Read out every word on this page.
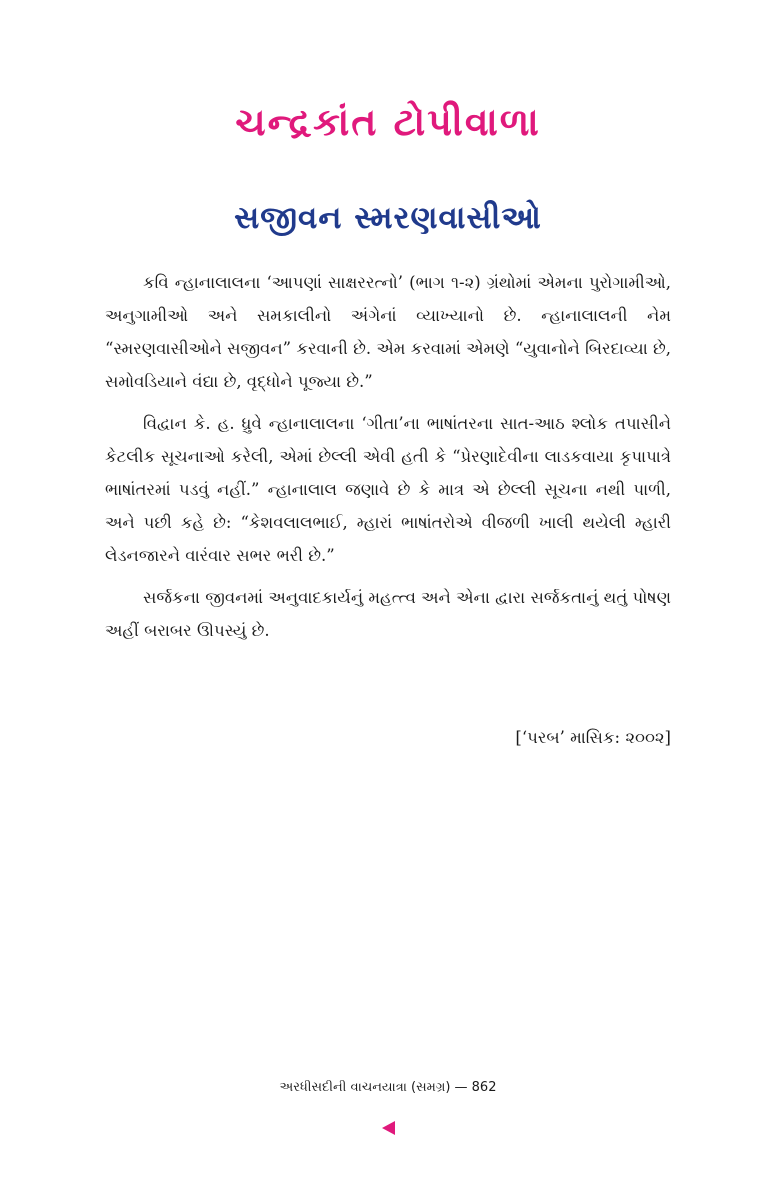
ચન્દ્રકાંત ટોપીવાળા
સજીવન સ્મરણવાસીઓ

કવિ ન્હાનાલાલના ‘આપણાં સાક્ષરરત્નો’ (ભાગ ૧-૨) ગ્રંથોમાં એમના પુરોગામીઓ, અનુગામીઓ અને સમકાલીનો અંગેનાં વ્યાખ્યાનો છે. ન્હાનાલાલની નેમ “સ્મરણવાસીઓને સજીવન” કરવાની છે. એમ કરવામાં એમણે “યુવાનોને બિરદાવ્યા છે, સમોવડિયાને વંદ્યા છે, વૃદ્ધોને પૂજ્યા છે.”

વિદ્વાન કે. હ. ધ્રુવે ન્હાનાલાલના ‘ગીતા’ના ભાષાંતરના સાત-આઠ શ્લોક તપાસીને કેટલીક સૂચનાઓ કરેલી, એમાં છેલ્લી એવી હતી કે “પ્રેરણાદેવીના લાડકવાયા કૃપાપાત્રે ભાષાંતરમાં પડવું નહીં.” ન્હાનાલાલ જણાવે છે કે માત્ર એ છેલ્લી સૂચના નથી પાળી, અને પછી કહે છે: “કેશવલાલભાઈ, મ્હારાં ભાષાંતરોએ વીજળી ખાલી થયેલી મ્હારી લેડનજારને વારંવાર સભર ભરી છે.”

સર્જકના જીવનમાં અનુવાદકાર્યનું મહત્ત્વ અને એના દ્વારા સર્જકતાનું થતું પોષણ અહીં બરાબર ઊપસ્યું છે.

[‘પરબ’ માસિક: ૨૦૦૨]
અરધીસદીની વાચનયાત્રા (સમગ્ર) — 862
